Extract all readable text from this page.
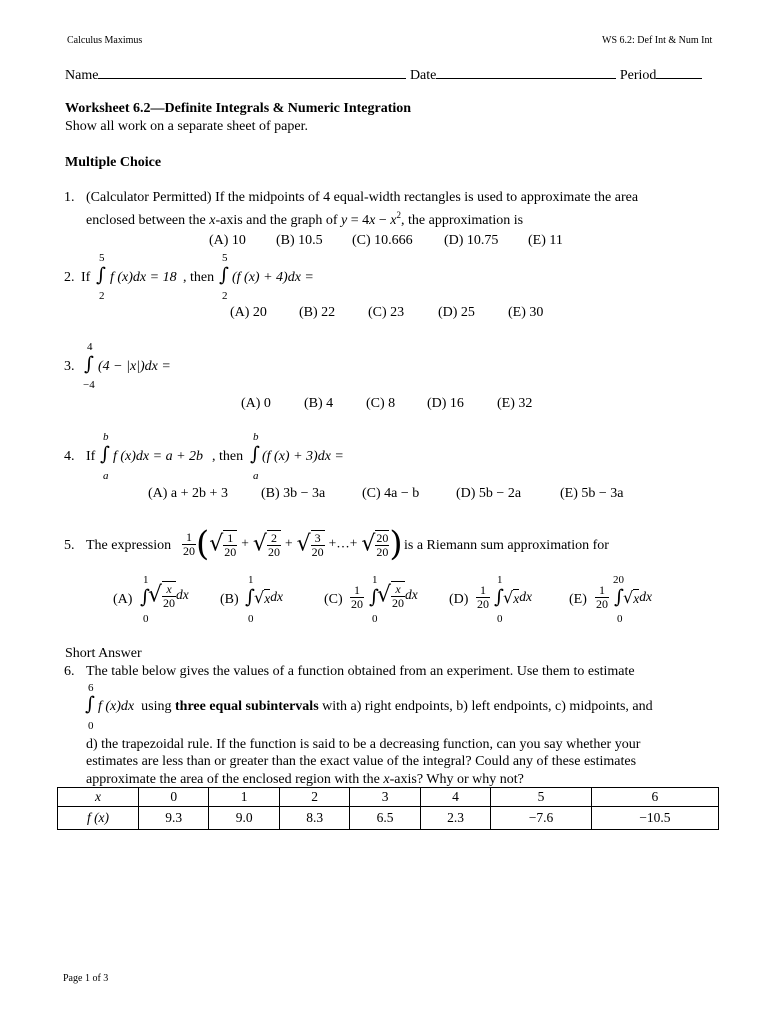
Calculus Maximus	WS 6.2: Def Int & Num Int
Name	Date	Period
Worksheet 6.2—Definite Integrals & Numeric Integration
Show all work on a separate sheet of paper.
Multiple Choice
1. (Calculator Permitted) If the midpoints of 4 equal-width rectangles is used to approximate the area
enclosed between the x-axis and the graph of $y = 4x - x^2$, the approximation is
(A) 10 (B) 10.5 (C) 10.666 (D) 10.75 (E) 11
2. If
5
∫
2
f (x)dx = 18 , then
5
∫
2
(f (x) + 4)dx =
(A) 20 (B) 22 (C) 23 (D) 25 (E) 30
3.
4
∫
−4
(4 − |x|)dx =
(A) 0 (B) 4 (C) 8 (D) 16 (E) 32
4. If
b
∫
a
f (x)dx = a + 2b , then
b
∫
a
(f (x) + 3)dx =
(A) a + 2b + 3 (B) 3b − 3a	(C) 4a − b	(D) 5b − 2a	(E) 5b − 3a
5. The expression $\frac{1}{20}$ (√ $\frac{1}{20}$ + √ $\frac{2}{20}$ + √ $\frac{3}{20}$ +…+ √ $\frac{20}{20}$ ) is a Riemann sum approximation for
(A)
1
∫
0
√ $\frac{x}{20}$ dx (B)
1
∫
0
√xdx	$(C) \frac{1}{20}$
1
∫
0
√ $\frac{x}{20}$ dx $(D) \frac{1}{20}$
1
∫
0
√xdx	$(E) \frac{1}{20}$
20
∫
0
√xdx
Short Answer
6. The table below gives the values of a function obtained from an experiment. Use them to estimate
6
∫
0
f (x)dx using three equal subintervals with a) right endpoints, b) left endpoints, c) midpoints, and
d) the trapezoidal rule. If the function is said to be a decreasing function, can you say whether your
estimates are less than or greater than the exact value of the integral? Could any of these estimates
approximate the area of the enclosed region with the x-axis? Why or why not?
x	0	1	2	3	4	5	6
f (x)	9.3	9.0	8.3	6.5	2.3	−7.6	−10.5
Page 1 of 3
